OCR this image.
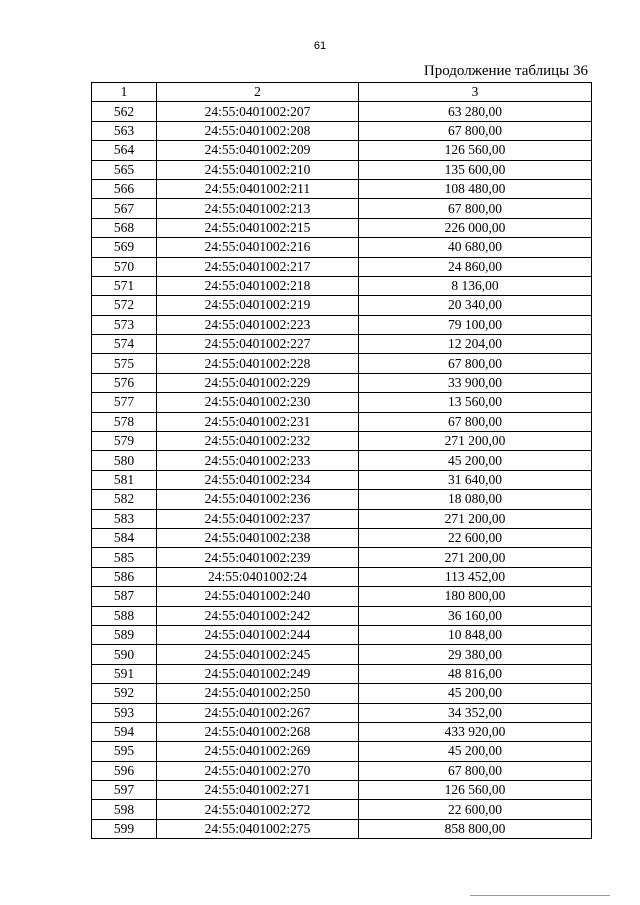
61
Продолжение таблицы 36
1	2	3
562	24:55:0401002:207	63 280,00
563	24:55:0401002:208	67 800,00
564	24:55:0401002:209	126 560,00
565	24:55:0401002:210	135 600,00
566	24:55:0401002:211	108 480,00
567	24:55:0401002:213	67 800,00
568	24:55:0401002:215	226 000,00
569	24:55:0401002:216	40 680,00
570	24:55:0401002:217	24 860,00
571	24:55:0401002:218	8 136,00
572	24:55:0401002:219	20 340,00
573	24:55:0401002:223	79 100,00
574	24:55:0401002:227	12 204,00
575	24:55:0401002:228	67 800,00
576	24:55:0401002:229	33 900,00
577	24:55:0401002:230	13 560,00
578	24:55:0401002:231	67 800,00
579	24:55:0401002:232	271 200,00
580	24:55:0401002:233	45 200,00
581	24:55:0401002:234	31 640,00
582	24:55:0401002:236	18 080,00
583	24:55:0401002:237	271 200,00
584	24:55:0401002:238	22 600,00
585	24:55:0401002:239	271 200,00
586	24:55:0401002:24	113 452,00
587	24:55:0401002:240	180 800,00
588	24:55:0401002:242	36 160,00
589	24:55:0401002:244	10 848,00
590	24:55:0401002:245	29 380,00
591	24:55:0401002:249	48 816,00
592	24:55:0401002:250	45 200,00
593	24:55:0401002:267	34 352,00
594	24:55:0401002:268	433 920,00
595	24:55:0401002:269	45 200,00
596	24:55:0401002:270	67 800,00
597	24:55:0401002:271	126 560,00
598	24:55:0401002:272	22 600,00
599	24:55:0401002:275	858 800,00
